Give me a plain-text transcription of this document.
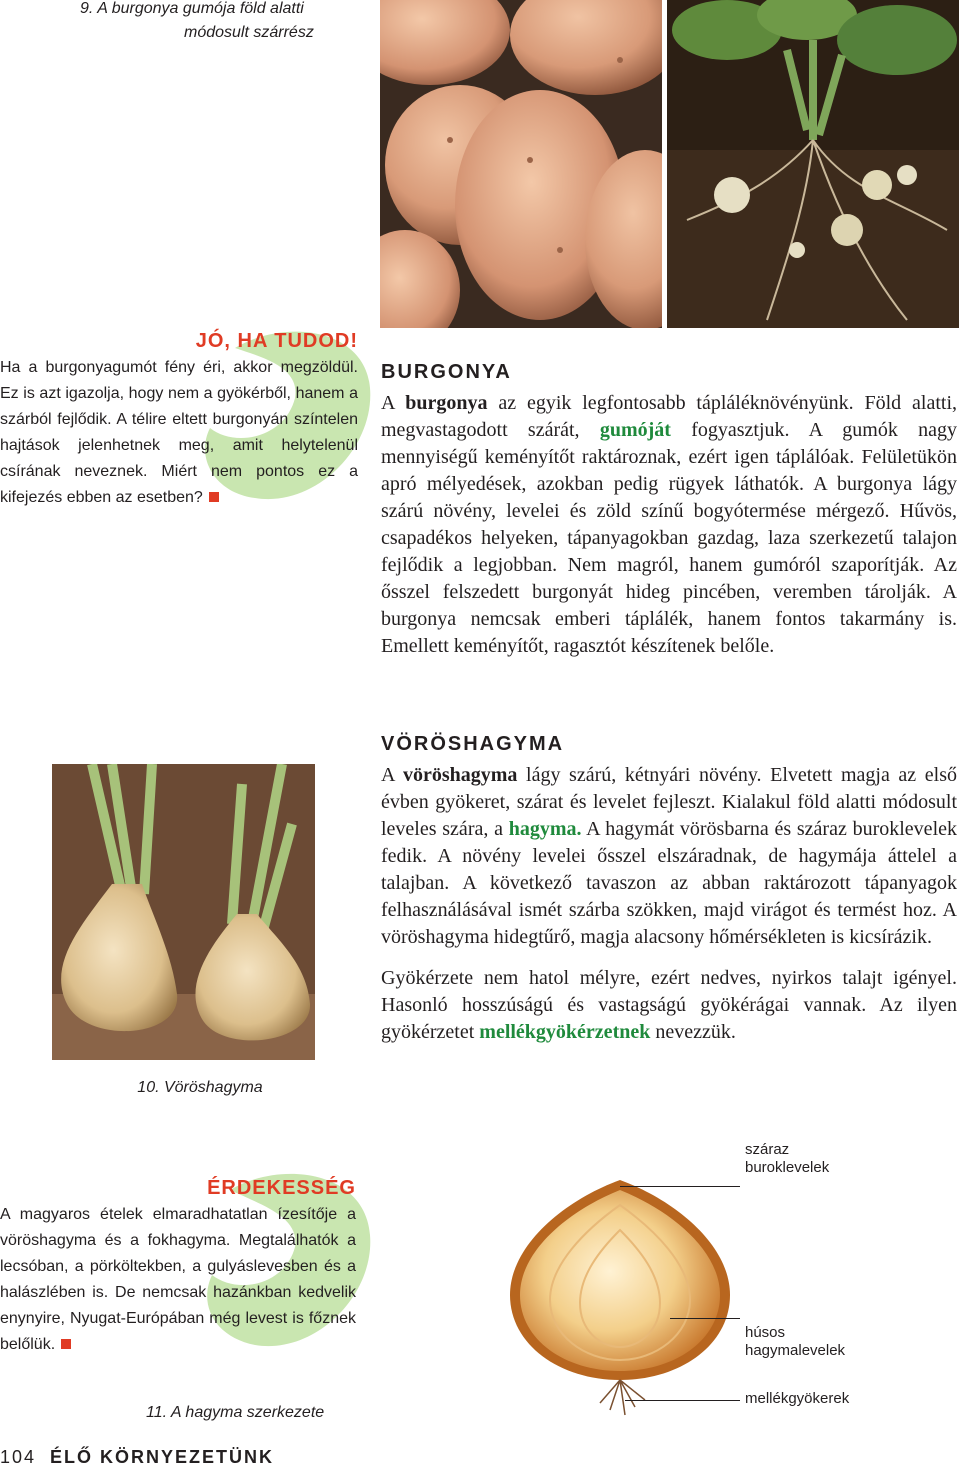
9. A burgonya gumója föld alatti
módosult szárrész
JÓ, HA TUDOD!
Ha a burgonyagumót fény éri, akkor megzöldül. Ez is azt igazolja, hogy nem a gyökérből, hanem a szárból fejlődik. A télire eltett burgonyán színtelen hajtások jelenhetnek meg, amit helytelenül csírának neveznek. Miért nem pontos ez a kifejezés ebben az esetben?
BURGONYA
A burgonya az egyik legfontosabb tápláléknövényünk. Föld alatti, megvastagodott szárát, gumóját fogyasztjuk. A gumók nagy mennyiségű keményítőt raktároznak, ezért igen táplálóak. Felületükön apró mélyedések, azokban pedig rügyek láthatók. A burgonya lágy szárú növény, levelei és zöld színű bogyótermése mérgező. Hűvös, csapadékos helyeken, tápanyagokban gazdag, laza szerkezetű talajon fejlődik a legjobban. Nem magról, hanem gumóról szaporítják. Az ősszel felszedett burgonyát hideg pincében, veremben tárolják. A burgonya nemcsak emberi táplálék, hanem fontos takarmány is. Emellett keményítőt, ragasztót készítenek belőle.
10. Vöröshagyma
VÖRÖSHAGYMA
A vöröshagyma lágy szárú, kétnyári növény. Elvetett magja az első évben gyökeret, szárat és levelet fejleszt. Kialakul föld alatti módosult leveles szára, a hagyma. A hagymát vörösbarna és száraz buroklevelek fedik. A növény levelei ősszel elszáradnak, de hagymája áttelel a talajban. A következő tavaszon az abban raktározott tápanyagok felhasználásával ismét szárba szökken, majd virágot és termést hoz. A vöröshagyma hidegtűrő, magja alacsony hőmérsékleten is kicsírázik.
Gyökérzete nem hatol mélyre, ezért nedves, nyirkos talajt igényel. Hasonló hosszúságú és vastagságú gyökérágai vannak. Az ilyen gyökérzetet mellékgyökérzetnek nevezzük.
ÉRDEKESSÉG
A magyaros ételek elmaradhatatlan ízesítője a vöröshagyma és a fokhagyma. Megtalálhatók a lecsóban, a pörköltekben, a gulyáslevesben és a halászlében is. De nemcsak hazánkban kedvelik enynyire, Nyugat-Európában még levest is főznek belőlük.
száraz
buroklevelek
húsos
hagymalevelek
mellékgyökerek
11. A hagyma szerkezete
104 ÉLŐ KÖRNYEZETÜNK
